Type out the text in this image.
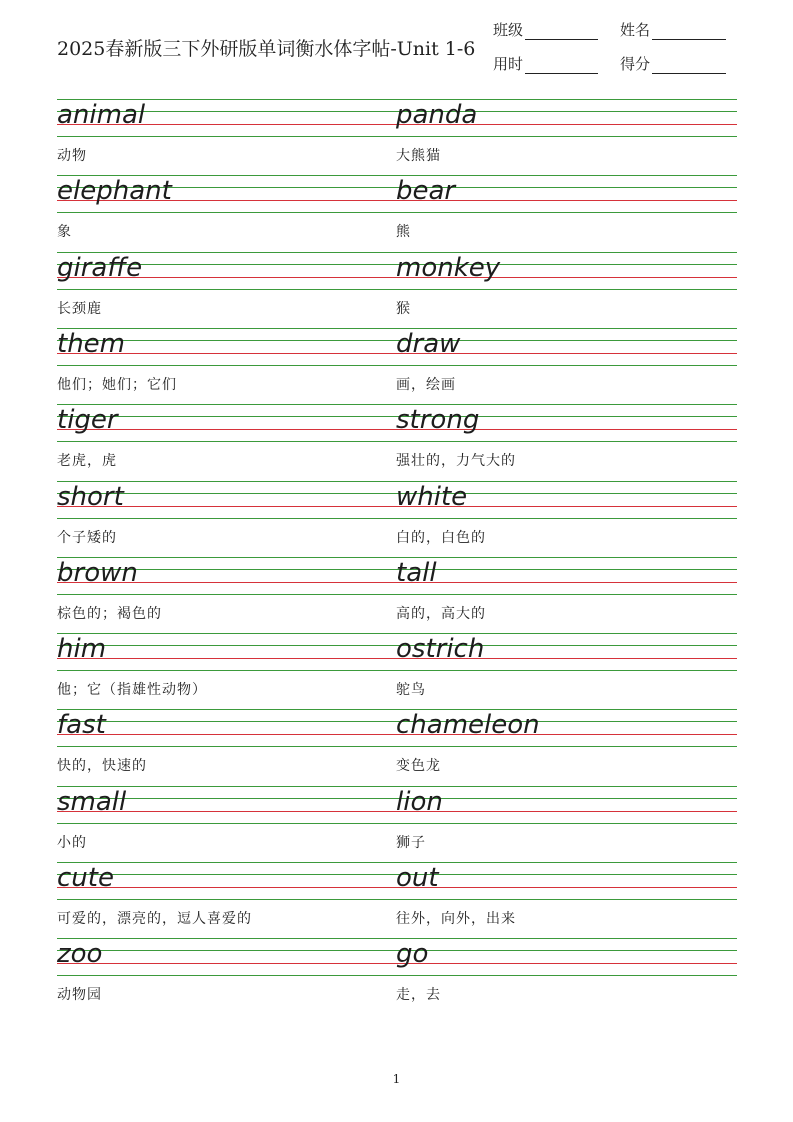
2025春新版三下外研版单词衡水体字帖-Unit 1-6
班级	姓名
用时	得分
animal	panda
动物	大熊猫
elephant	bear
象	熊
giraffe	monkey
长颈鹿	猴
them	draw
他们；她们；它们	画，绘画
tiger	strong
老虎，虎	强壮的，力气大的
short	white
个子矮的	白的，白色的
brown	tall
棕色的；褐色的	高的，高大的
him	ostrich
他；它（指雄性动物）	鸵鸟
fast	chameleon
快的，快速的	变色龙
small	lion
小的	狮子
cute	out
可爱的，漂亮的，逗人喜爱的	往外，向外，出来
zoo	go
动物园	走，去
1
